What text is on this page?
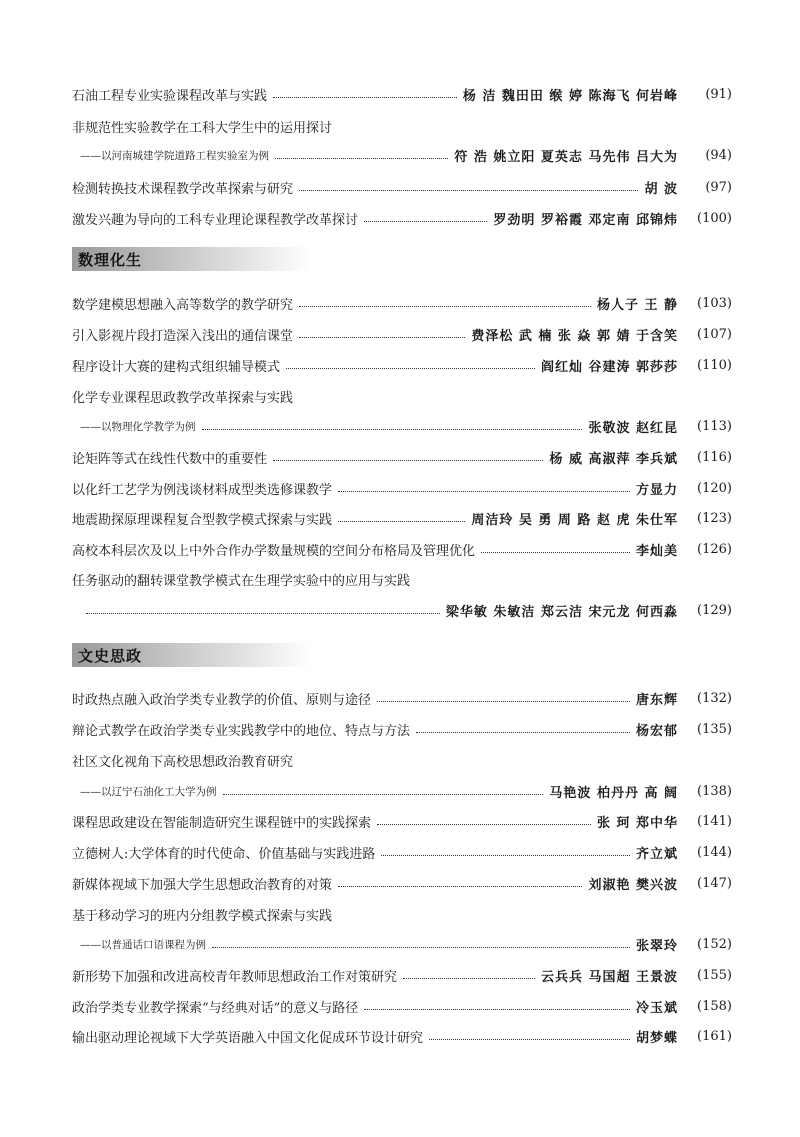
石油工程专业实验课程改革与实践	杨 洁 魏田田 缑 婷 陈海飞 何岩峰	(91)
非规范性实验教学在工科大学生中的运用探讨
——以河南城建学院道路工程实验室为例	符 浩 姚立阳 夏英志 马先伟 吕大为	(94)
检测转换技术课程教学改革探索与研究	胡 波	(97)
激发兴趣为导向的工科专业理论课程教学改革探讨	罗劲明 罗裕霞 邓定南 邱锦炜	(100)
数理化生
数学建模思想融入高等数学的教学研究	杨人子 王 静	(103)
引入影视片段打造深入浅出的通信课堂	费泽松 武 楠 张 焱 郭 婧 于含笑	(107)
程序设计大赛的建构式组织辅导模式	阎红灿 谷建涛 郭莎莎	(110)
化学专业课程思政教学改革探索与实践
——以物理化学教学为例	张敬波 赵红昆	(113)
论矩阵等式在线性代数中的重要性	杨 威 高淑萍 李兵斌	(116)
以化纤工艺学为例浅谈材料成型类选修课教学	方显力	(120)
地震勘探原理课程复合型教学模式探索与实践	周洁玲 吴 勇 周 路 赵 虎 朱仕军	(123)
高校本科层次及以上中外合作办学数量规模的空间分布格局及管理优化	李灿美	(126)
任务驱动的翻转课堂教学模式在生理学实验中的应用与实践
梁华敏 朱敏洁 郑云洁 宋元龙 何西淼	(129)
文史思政
时政热点融入政治学类专业教学的价值、原则与途径	唐东辉	(132)
辩论式教学在政治学类专业实践教学中的地位、特点与方法	杨宏郁	(135)
社区文化视角下高校思想政治教育研究
——以辽宁石油化工大学为例	马艳波 柏丹丹 高 阔	(138)
课程思政建设在智能制造研究生课程链中的实践探索	张 珂 郑中华	(141)
立德树人:大学体育的时代使命、价值基础与实践进路	齐立斌	(144)
新媒体视域下加强大学生思想政治教育的对策	刘淑艳 樊兴波	(147)
基于移动学习的班内分组教学模式探索与实践
——以普通话口语课程为例	张翠玲	(152)
新形势下加强和改进高校青年教师思想政治工作对策研究	云兵兵 马国超 王景波	(155)
政治学类专业教学探索“与经典对话”的意义与路径	冷玉斌	(158)
输出驱动理论视域下大学英语融入中国文化促成环节设计研究	胡梦蝶	(161)
